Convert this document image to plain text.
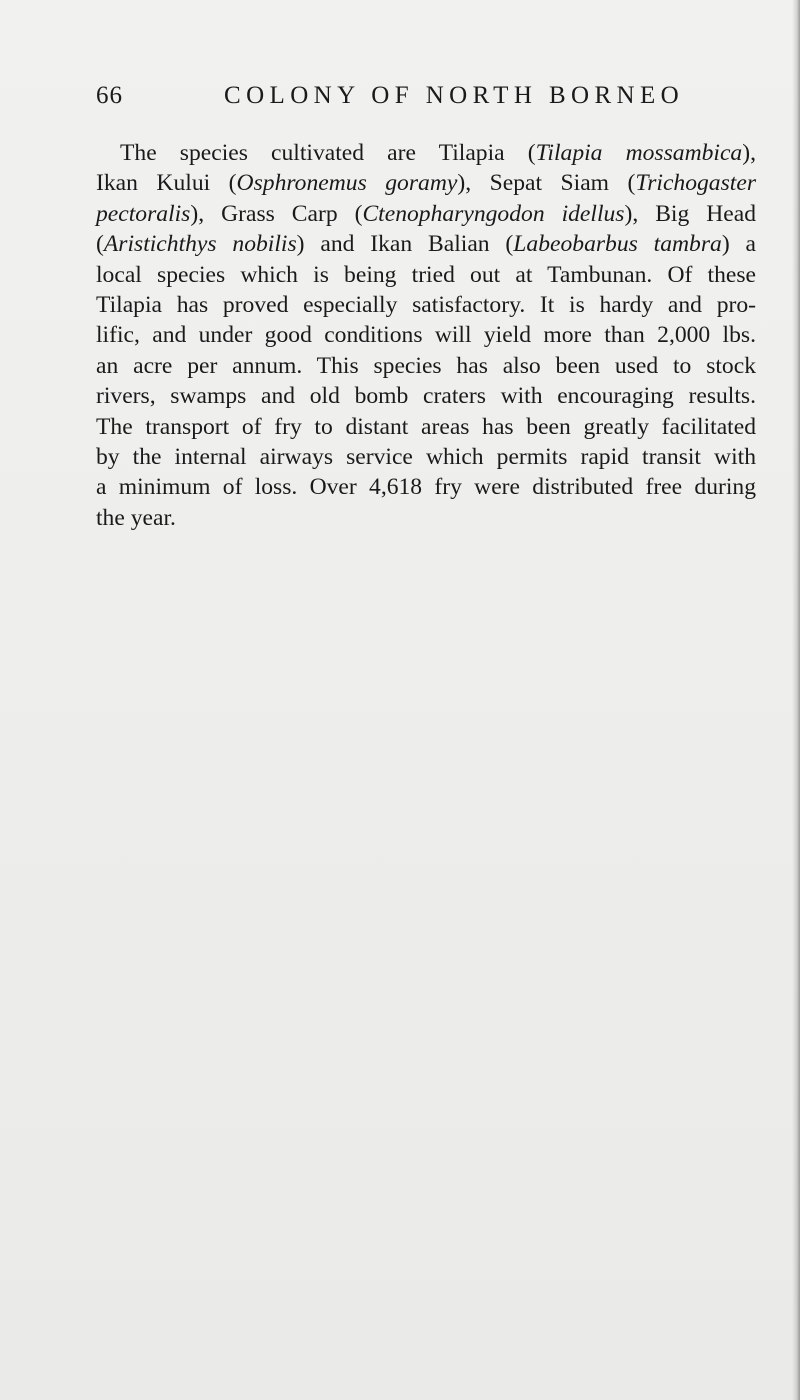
66	COLONY OF NORTH BORNEO
The species cultivated are Tilapia (Tilapia mossambica),
Ikan Kului (Osphronemus goramy), Sepat Siam (Trichogaster
pectoralis), Grass Carp (Ctenopharyngodon idellus), Big Head
(Aristichthys nobilis) and Ikan Balian (Labeobarbus tambra) a
local species which is being tried out at Tambunan. Of these
Tilapia has proved especially satisfactory. It is hardy and pro-
lific, and under good conditions will yield more than 2,000 lbs.
an acre per annum. This species has also been used to stock
rivers, swamps and old bomb craters with encouraging results.
The transport of fry to distant areas has been greatly facilitated
by the internal airways service which permits rapid transit with
a minimum of loss. Over 4,618 fry were distributed free during
the year.
